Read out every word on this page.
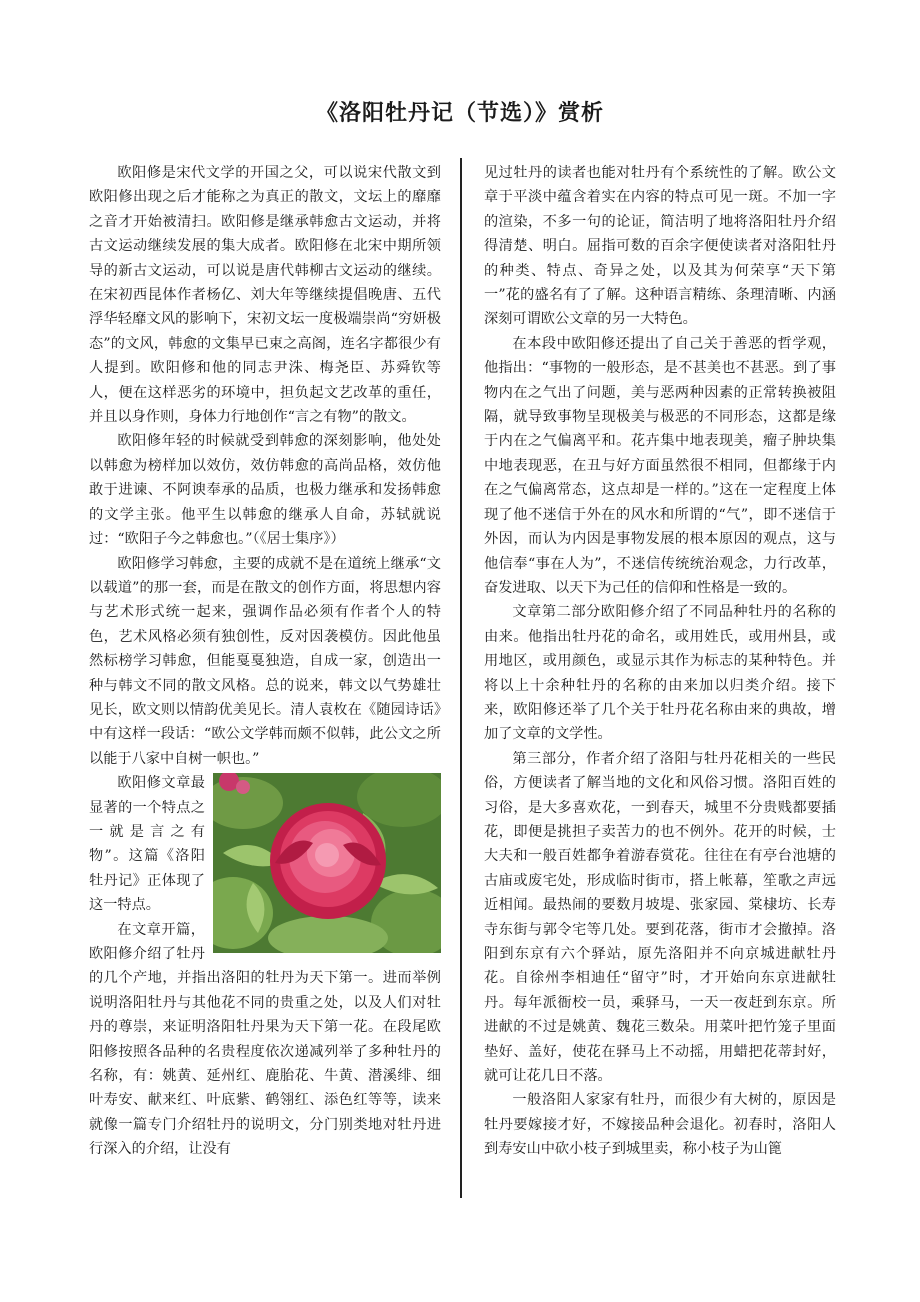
《洛阳牡丹记（节选）》赏析

欧阳修是宋代文学的开国之父，可以说宋代散文到欧阳修出现之后才能称之为真正的散文，文坛上的靡靡之音才开始被清扫。欧阳修是继承韩愈古文运动，并将古文运动继续发展的集大成者。欧阳修在北宋中期所领导的新古文运动，可以说是唐代韩柳古文运动的继续。在宋初西昆体作者杨亿、刘大年等继续提倡晚唐、五代浮华轻靡文风的影响下，宋初文坛一度极端崇尚“穷妍极态”的文风，韩愈的文集早已束之高阁，连名字都很少有人提到。欧阳修和他的同志尹洙、梅尧臣、苏舜钦等人，便在这样恶劣的环境中，担负起文艺改革的重任，并且以身作则，身体力行地创作“言之有物”的散文。

欧阳修年轻的时候就受到韩愈的深刻影响，他处处以韩愈为榜样加以效仿，效仿韩愈的高尚品格，效仿他敢于进谏、不阿谀奉承的品质，也极力继承和发扬韩愈的文学主张。他平生以韩愈的继承人自命，苏轼就说过：“欧阳子今之韩愈也。”（《居士集序》）

欧阳修学习韩愈，主要的成就不是在道统上继承“文以载道”的那一套，而是在散文的创作方面，将思想内容与艺术形式统一起来，强调作品必须有作者个人的特色，艺术风格必须有独创性，反对因袭模仿。因此他虽然标榜学习韩愈，但能戛戛独造，自成一家，创造出一种与韩文不同的散文风格。总的说来，韩文以气势雄壮见长，欧文则以情韵优美见长。清人袁枚在《随园诗话》中有这样一段话：“欧公文学韩而颇不似韩，此公文之所以能于八家中自树一帜也。”

欧阳修文章最显著的一个特点之一就是言之有物”。这篇《洛阳牡丹记》正体现了这一特点。

在文章开篇，欧阳修介绍了牡丹的几个产地，并指出洛阳的牡丹为天下第一。进而举例说明洛阳牡丹与其他花不同的贵重之处，以及人们对牡丹的尊崇，来证明洛阳牡丹果为天下第一花。在段尾欧阳修按照各品种的名贵程度依次递减列举了多种牡丹的名称，有：姚黄、延州红、鹿胎花、牛黄、潜溪绯、细叶寿安、献来红、叶底紫、鹤翎红、添色红等等，读来就像一篇专门介绍牡丹的说明文，分门别类地对牡丹进行深入的介绍，让没有

见过牡丹的读者也能对牡丹有个系统性的了解。欧公文章于平淡中蕴含着实在内容的特点可见一斑。不加一字的渲染，不多一句的论证，简洁明了地将洛阳牡丹介绍得清楚、明白。屈指可数的百余字便使读者对洛阳牡丹的种类、特点、奇异之处，以及其为何荣享“天下第一”花的盛名有了了解。这种语言精练、条理清晰、内涵深刻可谓欧公文章的另一大特色。

在本段中欧阳修还提出了自己关于善恶的哲学观，他指出：“事物的一般形态，是不甚美也不甚恶。到了事物内在之气出了问题，美与恶两种因素的正常转换被阻隔，就导致事物呈现极美与极恶的不同形态，这都是缘于内在之气偏离平和。花卉集中地表现美，瘤子肿块集中地表现恶，在丑与好方面虽然很不相同，但都缘于内在之气偏离常态，这点却是一样的。”这在一定程度上体现了他不迷信于外在的风水和所谓的“气”，即不迷信于外因，而认为内因是事物发展的根本原因的观点，这与他信奉“事在人为”，不迷信传统统治观念，力行改革，奋发进取、以天下为己任的信仰和性格是一致的。

文章第二部分欧阳修介绍了不同品种牡丹的名称的由来。他指出牡丹花的命名，或用姓氏，或用州县，或用地区，或用颜色，或显示其作为标志的某种特色。并将以上十余种牡丹的名称的由来加以归类介绍。接下来，欧阳修还举了几个关于牡丹花名称由来的典故，增加了文章的文学性。

第三部分，作者介绍了洛阳与牡丹花相关的一些民俗，方便读者了解当地的文化和风俗习惯。洛阳百姓的习俗，是大多喜欢花，一到春天，城里不分贵贱都要插花，即便是挑担子卖苦力的也不例外。花开的时候，士大夫和一般百姓都争着游春赏花。往往在有亭台池塘的古庙或废宅处，形成临时街市，搭上帐幕，笙歌之声远近相闻。最热闹的要数月坡堤、张家园、棠棣坊、长寿寺东街与郭令宅等几处。要到花落，街市才会撤掉。洛阳到东京有六个驿站，原先洛阳并不向京城进献牡丹花。自徐州李相迪任“留守”时，才开始向东京进献牡丹。每年派衙校一员，乘驿马，一天一夜赶到东京。所进献的不过是姚黄、魏花三数朵。用菜叶把竹笼子里面垫好、盖好，使花在驿马上不动摇，用蜡把花蒂封好，就可让花几日不落。

一般洛阳人家家有牡丹，而很少有大树的，原因是牡丹要嫁接才好，不嫁接品种会退化。初春时，洛阳人到寿安山中砍小枝子到城里卖，称小枝子为山篦
